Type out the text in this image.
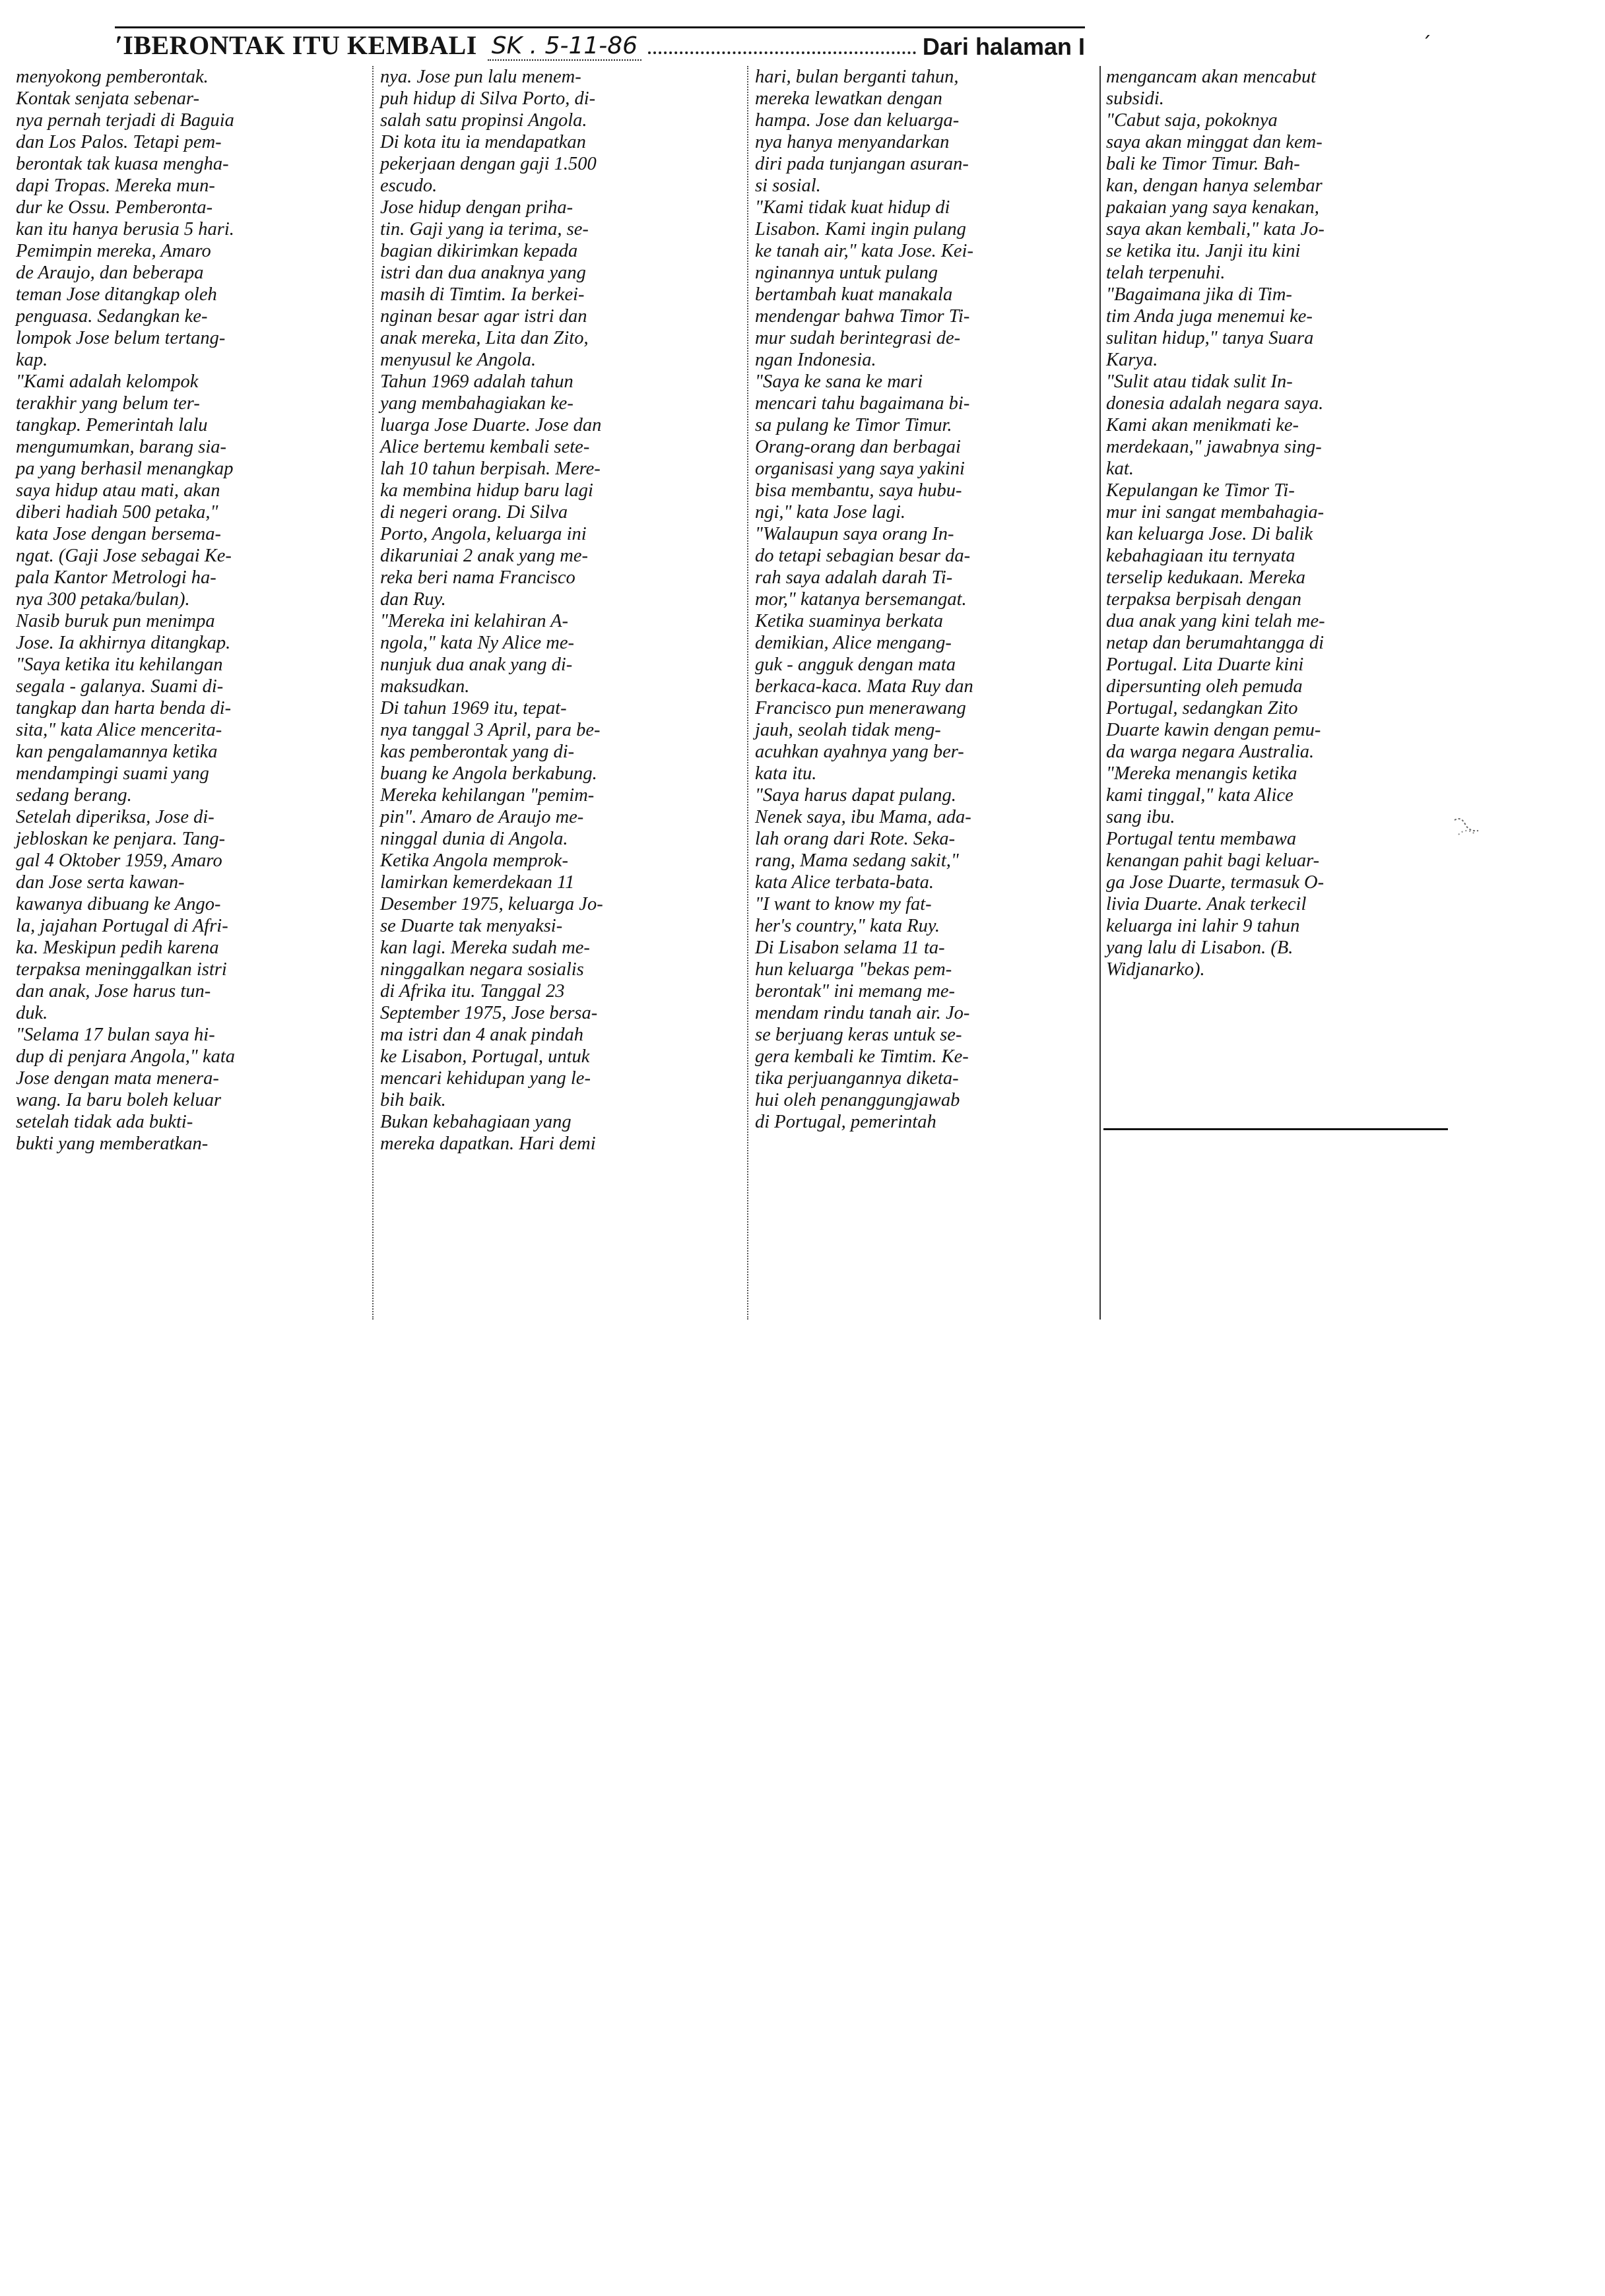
͘′IBERONTAK ITU KEMBALI SK . 5-11-86	Dari halaman I	´
menyokong pemberontak.
Kontak senjata sebenar-
nya pernah terjadi di Baguia
dan Los Palos. Tetapi pem-
berontak tak kuasa mengha-
dapi Tropas. Mereka mun-
dur ke Ossu. Pemberonta-
kan itu hanya berusia 5 hari.
Pemimpin mereka, Amaro
de Araujo, dan beberapa
teman Jose ditangkap oleh
penguasa. Sedangkan ke-
lompok Jose belum tertang-
kap.
"Kami adalah kelompok
terakhir yang belum ter-
tangkap. Pemerintah lalu
mengumumkan, barang sia-
pa yang berhasil menangkap
saya hidup atau mati, akan
diberi hadiah 500 petaka,"
kata Jose dengan bersema-
ngat. (Gaji Jose sebagai Ke-
pala Kantor Metrologi ha-
nya 300 petaka/bulan).
Nasib buruk pun menimpa
Jose. Ia akhirnya ditangkap.
"Saya ketika itu kehilangan
segala - galanya. Suami di-
tangkap dan harta benda di-
sita," kata Alice mencerita-
kan pengalamannya ketika
mendampingi suami yang
sedang berang.
Setelah diperiksa, Jose di-
jebloskan ke penjara. Tang-
gal 4 Oktober 1959, Amaro
dan Jose serta kawan-
kawanya dibuang ke Ango-
la, jajahan Portugal di Afri-
ka. Meskipun pedih karena
terpaksa meninggalkan istri
dan anak, Jose harus tun-
duk.
"Selama 17 bulan saya hi-
dup di penjara Angola," kata
Jose dengan mata menera-
wang. Ia baru boleh keluar
setelah tidak ada bukti-
bukti yang memberatkan-
nya. Jose pun lalu menem-
puh hidup di Silva Porto, di-
salah satu propinsi Angola.
Di kota itu ia mendapatkan
pekerjaan dengan gaji 1.500
escudo.
Jose hidup dengan priha-
tin. Gaji yang ia terima, se-
bagian dikirimkan kepada
istri dan dua anaknya yang
masih di Timtim. Ia berkei-
nginan besar agar istri dan
anak mereka, Lita dan Zito,
menyusul ke Angola.
Tahun 1969 adalah tahun
yang membahagiakan ke-
luarga Jose Duarte. Jose dan
Alice bertemu kembali sete-
lah 10 tahun berpisah. Mere-
ka membina hidup baru lagi
di negeri orang. Di Silva
Porto, Angola, keluarga ini
dikaruniai 2 anak yang me-
reka beri nama Francisco
dan Ruy.
"Mereka ini kelahiran A-
ngola," kata Ny Alice me-
nunjuk dua anak yang di-
maksudkan.
Di tahun 1969 itu, tepat-
nya tanggal 3 April, para be-
kas pemberontak yang di-
buang ke Angola berkabung.
Mereka kehilangan "pemim-
pin". Amaro de Araujo me-
ninggal dunia di Angola.
Ketika Angola memprok-
lamirkan kemerdekaan 11
Desember 1975, keluarga Jo-
se Duarte tak menyaksi-
kan lagi. Mereka sudah me-
ninggalkan negara sosialis
di Afrika itu. Tanggal 23
September 1975, Jose bersa-
ma istri dan 4 anak pindah
ke Lisabon, Portugal, untuk
mencari kehidupan yang le-
bih baik.
Bukan kebahagiaan yang
mereka dapatkan. Hari demi
hari, bulan berganti tahun,
mereka lewatkan dengan
hampa. Jose dan keluarga-
nya hanya menyandarkan
diri pada tunjangan asuran-
si sosial.
"Kami tidak kuat hidup di
Lisabon. Kami ingin pulang
ke tanah air," kata Jose. Kei-
nginannya untuk pulang
bertambah kuat manakala
mendengar bahwa Timor Ti-
mur sudah berintegrasi de-
ngan Indonesia.
"Saya ke sana ke mari
mencari tahu bagaimana bi-
sa pulang ke Timor Timur.
Orang-orang dan berbagai
organisasi yang saya yakini
bisa membantu, saya hubu-
ngi," kata Jose lagi.
"Walaupun saya orang In-
do tetapi sebagian besar da-
rah saya adalah darah Ti-
mor," katanya bersemangat.
Ketika suaminya berkata
demikian, Alice mengang-
guk - angguk dengan mata
berkaca-kaca. Mata Ruy dan
Francisco pun menerawang
jauh, seolah tidak meng-
acuhkan ayahnya yang ber-
kata itu.
"Saya harus dapat pulang.
Nenek saya, ibu Mama, ada-
lah orang dari Rote. Seka-
rang, Mama sedang sakit,"
kata Alice terbata-bata.
"I want to know my fat-
her's country," kata Ruy.
Di Lisabon selama 11 ta-
hun keluarga "bekas pem-
berontak" ini memang me-
mendam rindu tanah air. Jo-
se berjuang keras untuk se-
gera kembali ke Timtim. Ke-
tika perjuangannya diketa-
hui oleh penanggungjawab
di Portugal, pemerintah
mengancam akan mencabut
subsidi.
"Cabut saja, pokoknya
saya akan minggat dan kem-
bali ke Timor Timur. Bah-
kan, dengan hanya selembar
pakaian yang saya kenakan,
saya akan kembali," kata Jo-
se ketika itu. Janji itu kini
telah terpenuhi.
"Bagaimana jika di Tim-
tim Anda juga menemui ke-
sulitan hidup," tanya Suara
Karya.
"Sulit atau tidak sulit In-
donesia adalah negara saya.
Kami akan menikmati ke-
merdekaan," jawabnya sing-
kat.
Kepulangan ke Timor Ti-
mur ini sangat membahagia-
kan keluarga Jose. Di balik
kebahagiaan itu ternyata
terselip kedukaan. Mereka
terpaksa berpisah dengan
dua anak yang kini telah me-
netap dan berumahtangga di
Portugal. Lita Duarte kini
dipersunting oleh pemuda
Portugal, sedangkan Zito
Duarte kawin dengan pemu-
da warga negara Australia.
"Mereka menangis ketika
kami tinggal," kata Alice
sang ibu.
Portugal tentu membawa
kenangan pahit bagi keluar-
ga Jose Duarte, termasuk O-
livia Duarte. Anak terkecil
keluarga ini lahir 9 tahun
yang lalu di Lisabon. (B.
Widjanarko).
